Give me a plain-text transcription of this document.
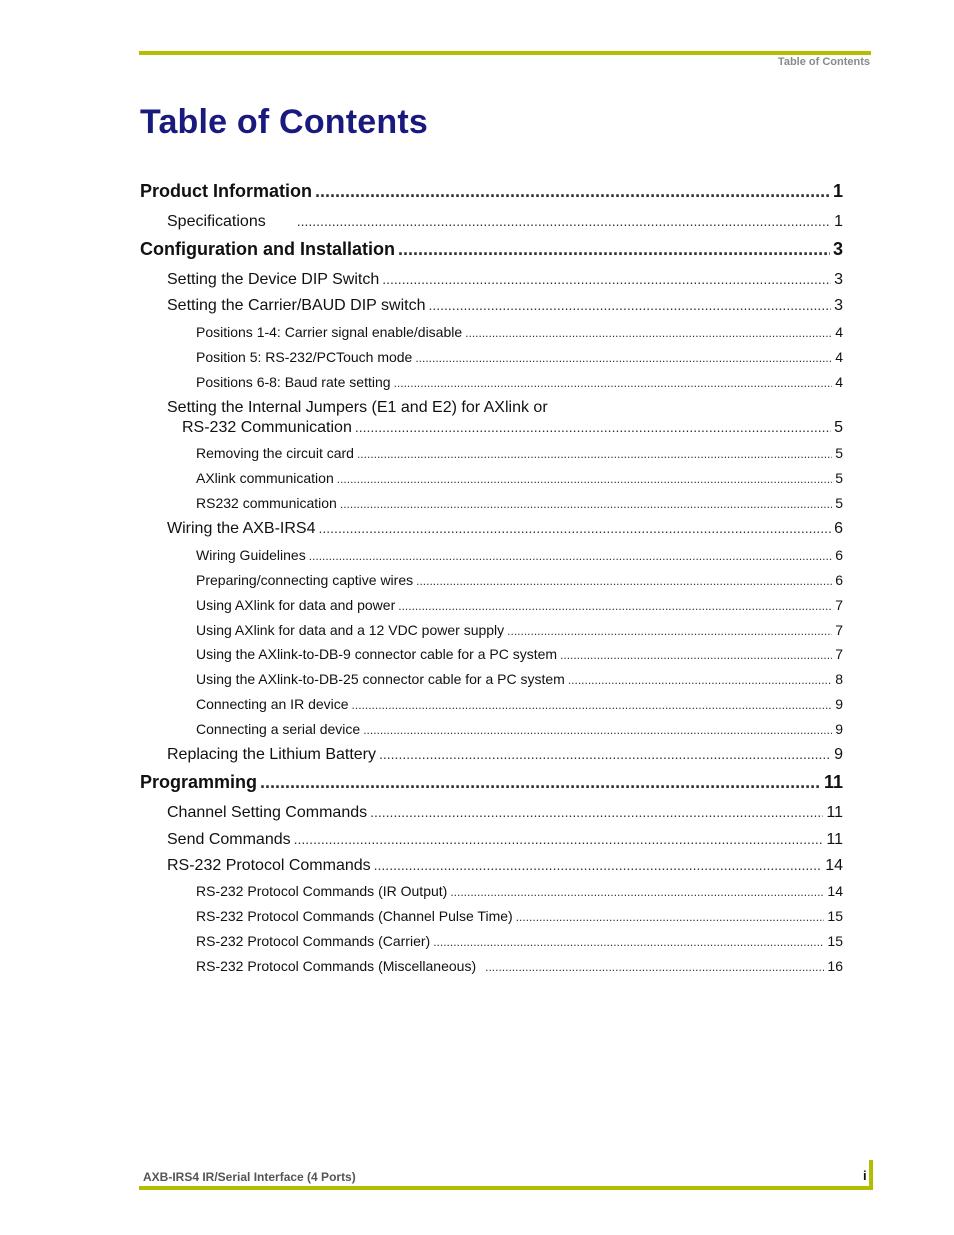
Table of Contents
Table of Contents
Product Information .....	1
Specifications .....	1
Configuration and Installation .....	3
Setting the Device DIP Switch .....	3
Setting the Carrier/BAUD DIP switch .....	3
Positions 1-4: Carrier signal enable/disable .....	4
Position 5: RS-232/PCTouch mode .....	4
Positions 6-8: Baud rate setting .....	4
Setting the Internal Jumpers (E1 and E2) for AXlink or
RS-232 Communication .....	5
Removing the circuit card .....	5
AXlink communication .....	5
RS232 communication .....	5
Wiring the AXB-IRS4 .....	6
Wiring Guidelines .....	6
Preparing/connecting captive wires .....	6
Using AXlink for data and power .....	7
Using AXlink for data and a 12 VDC power supply .....	7
Using the AXlink-to-DB-9 connector cable for a PC system .....	7
Using the AXlink-to-DB-25 connector cable for a PC system .....	8
Connecting an IR device .....	9
Connecting a serial device .....	9
Replacing the Lithium Battery .....	9
Programming .....	11
Channel Setting Commands .....	11
Send Commands .....	11
RS-232 Protocol Commands .....	14
RS-232 Protocol Commands (IR Output) .....	14
RS-232 Protocol Commands (Channel Pulse Time) .....	15
RS-232 Protocol Commands (Carrier) .....	15
RS-232 Protocol Commands (Miscellaneous) .....	16
AXB-IRS4 IR/Serial Interface (4 Ports)	i
